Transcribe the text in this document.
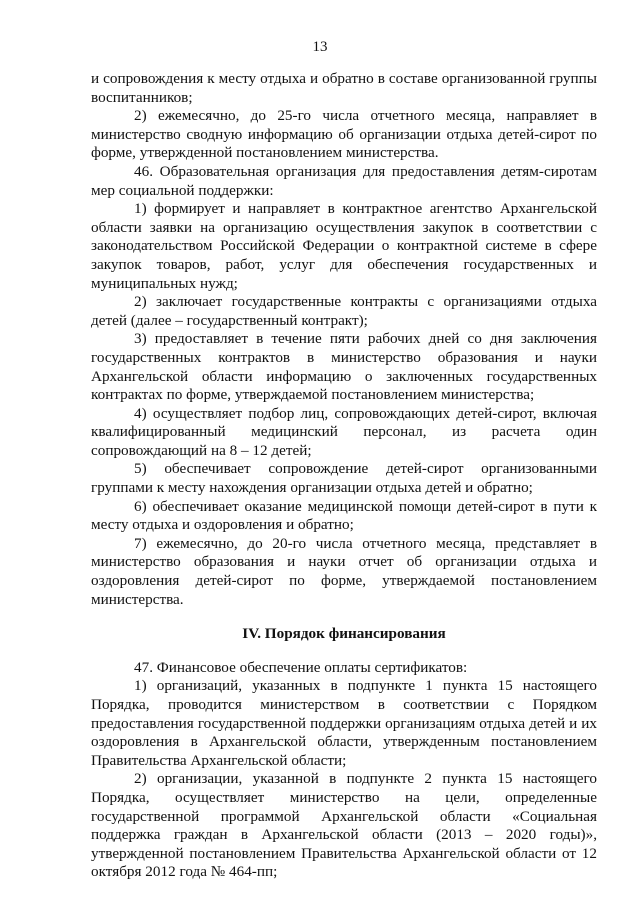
13

и сопровождения к месту отдыха и обратно в составе организованной группы воспитанников;

2) ежемесячно, до 25-го числа отчетного месяца, направляет в министерство сводную информацию об организации отдыха детей-сирот по форме, утвержденной постановлением министерства.

46. Образовательная организация для предоставления детям-сиротам мер социальной поддержки:

1) формирует и направляет в контрактное агентство Архангельской области заявки на организацию осуществления закупок в соответствии с законодательством Российской Федерации о контрактной системе в сфере закупок товаров, работ, услуг для обеспечения государственных и муниципальных нужд;

2) заключает государственные контракты с организациями отдыха детей (далее – государственный контракт);

3) предоставляет в течение пяти рабочих дней со дня заключения государственных контрактов в министерство образования и науки Архангельской области информацию о заключенных государственных контрактах по форме, утверждаемой постановлением министерства;

4) осуществляет подбор лиц, сопровождающих детей-сирот, включая квалифицированный медицинский персонал, из расчета один сопровождающий на 8 – 12 детей;

5) обеспечивает сопровождение детей-сирот организованными группами к месту нахождения организации отдыха детей и обратно;

6) обеспечивает оказание медицинской помощи детей-сирот в пути к месту отдыха и оздоровления и обратно;

7) ежемесячно, до 20-го числа отчетного месяца, представляет в министерство образования и науки отчет об организации отдыха и оздоровления детей-сирот по форме, утверждаемой постановлением министерства.

IV. Порядок финансирования

47. Финансовое обеспечение оплаты сертификатов:

1) организаций, указанных в подпункте 1 пункта 15 настоящего Порядка, проводится министерством в соответствии с Порядком предоставления государственной поддержки организациям отдыха детей и их оздоровления в Архангельской области, утвержденным постановлением Правительства Архангельской области;

2) организации, указанной в подпункте 2 пункта 15 настоящего Порядка, осуществляет министерство на цели, определенные государственной программой Архангельской области «Социальная поддержка граждан в Архангельской области (2013 – 2020 годы)», утвержденной постановлением Правительства Архангельской области от 12 октября 2012 года № 464-пп;
